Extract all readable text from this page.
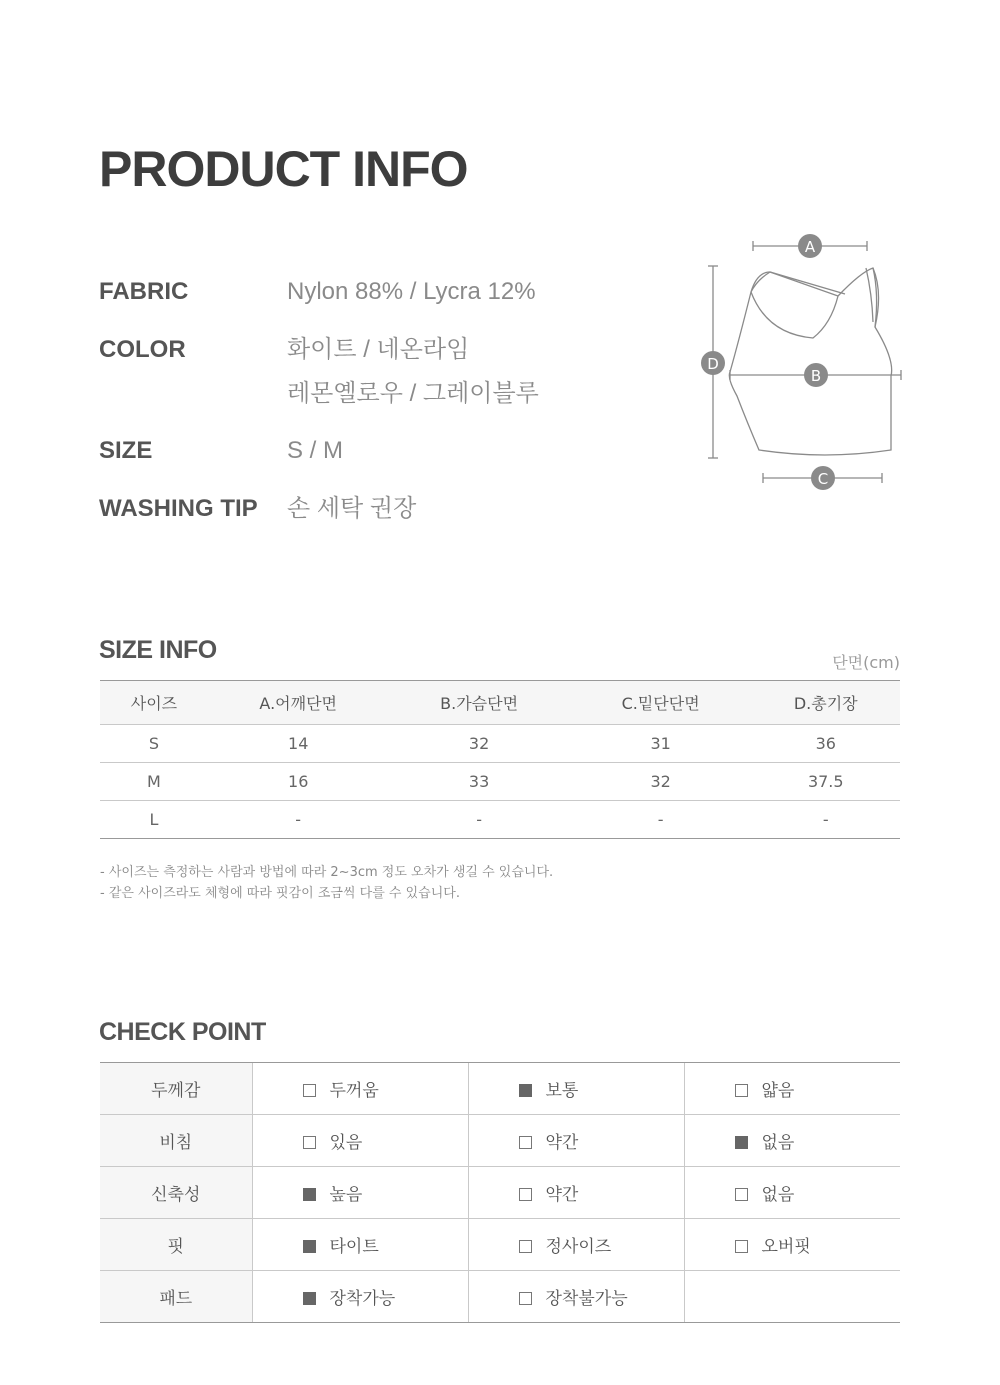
PRODUCT INFO
FABRIC	Nylon 88% / Lycra 12%
COLOR	화이트 / 네온라임
레몬옐로우 / 그레이블루
SIZE	S / M
WASHING TIP 손 세탁 권장
A
D
B
C
SIZE INFO	단면(cm)
사이즈	A.어깨단면	B.가슴단면	C.밑단단면	D.총기장
S	14	32	31	36
M	16	33	32	37.5
L	-	-	-	-
- 사이즈는 측정하는 사람과 방법에 따라 2~3cm 정도 오차가 생길 수 있습니다.
- 같은 사이즈라도 체형에 따라 핏감이 조금씩 다를 수 있습니다.
CHECK POINT
두께감	두꺼움	보통	얇음
비침	있음	약간	없음
신축성	높음	약간	없음
핏	타이트	정사이즈	오버핏
패드	장착가능	장착불가능	
